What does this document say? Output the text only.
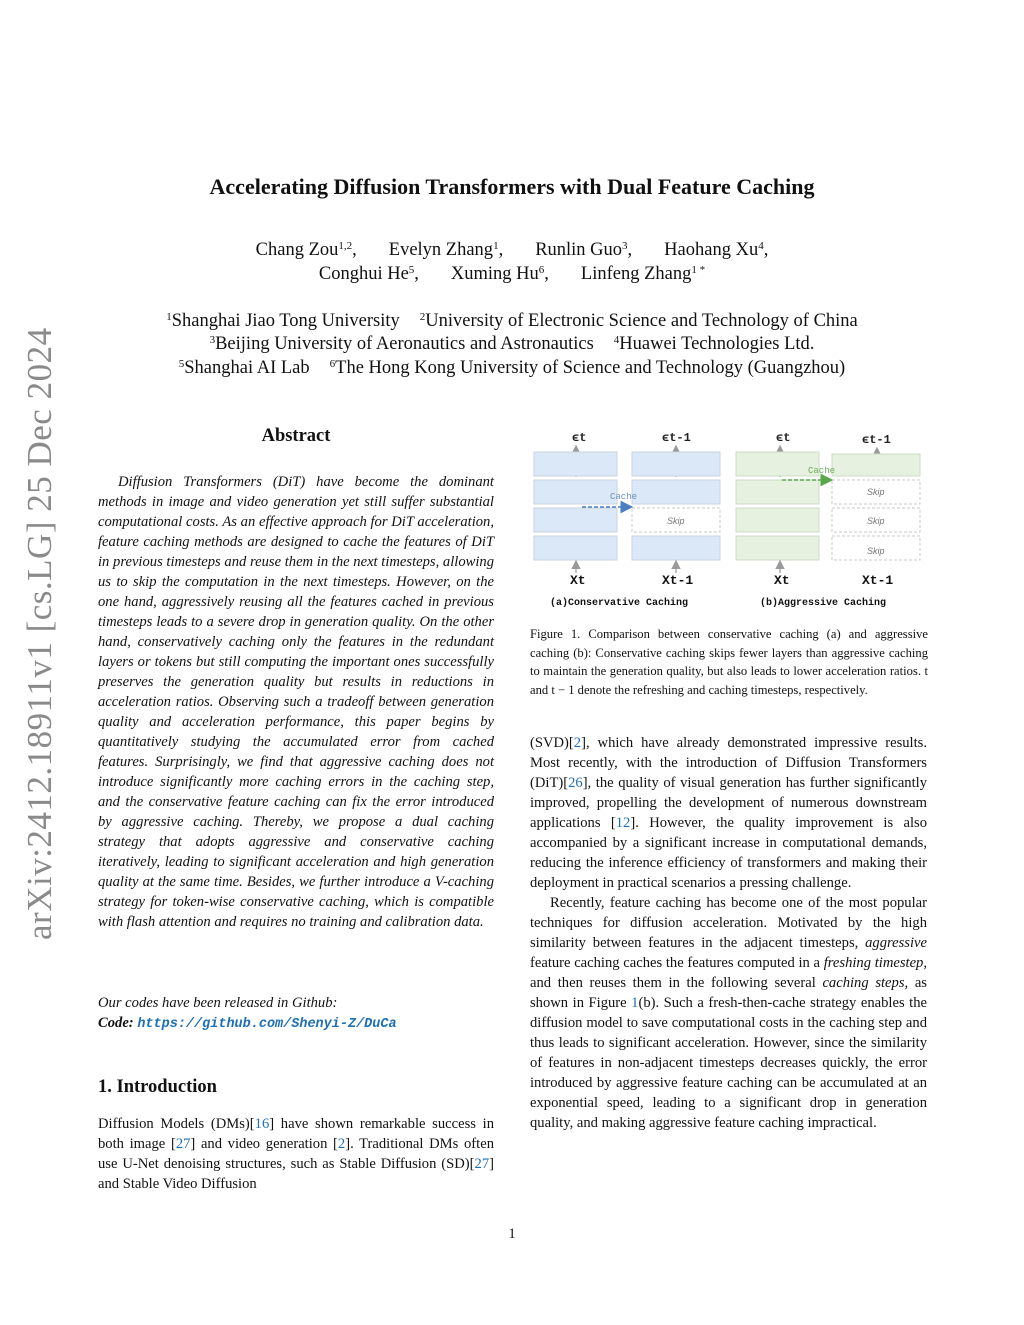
arXiv:2412.18911v1 [cs.LG] 25 Dec 2024
Accelerating Diffusion Transformers with Dual Feature Caching
Chang Zou$^{1,2}$, Evelyn Zhang$^1$, Runlin Guo$^3$, Haohang Xu$^4$,
Conghui He$^5$, Xuming Hu$^6$, Linfeng Zhang$^{1 *}$
$^1$Shanghai Jiao Tong University $^2$University of Electronic Science and Technology of China
$^3$Beijing University of Aeronautics and Astronautics $^4$Huawei Technologies Ltd.
$^5$Shanghai AI Lab $^6$The Hong Kong University of Science and Technology (Guangzhou)
Abstract

Diffusion Transformers (DiT) have become the dominant methods in image and video generation yet still suffer substantial computational costs. As an effective approach for DiT acceleration, feature caching methods are designed to cache the features of DiT in previous timesteps and reuse them in the next timesteps, allowing us to skip the computation in the next timesteps. However, on the one hand, aggressively reusing all the features cached in previous timesteps leads to a severe drop in generation quality. On the other hand, conservatively caching only the features in the redundant layers or tokens but still computing the important ones successfully preserves the generation quality but results in reductions in acceleration ratios. Observing such a tradeoff between generation quality and acceleration performance, this paper begins by quantitatively studying the accumulated error from cached features. Surprisingly, we find that aggressive caching does not introduce significantly more caching errors in the caching step, and the conservative feature caching can fix the error introduced by aggressive caching. Thereby, we propose a dual caching strategy that adopts aggressive and conservative caching iteratively, leading to significant acceleration and high generation quality at the same time. Besides, we further introduce a V-caching strategy for token-wise conservative caching, which is compatible with flash attention and requires no training and calibration data.

Our codes have been released in Github:
Code: https://github.com/Shenyi-Z/DuCa
1. Introduction

Diffusion Models (DMs)[16] have shown remarkable success in both image [27] and video generation [2]. Traditional DMs often use U-Net denoising structures, such as Stable Diffusion (SD)[27] and Stable Video Diffusion

ϵt	ϵt-1
Skip
Cache
Xt	Xt-1
(a)Conservative Caching
ϵt	ϵt-1
Skip
Skip
Skip
Cache
Xt	Xt-1
(b)Aggressive Caching
Figure 1. Comparison between conservative caching (a) and aggressive caching (b): Conservative caching skips fewer layers than aggressive caching to maintain the generation quality, but also leads to lower acceleration ratios. t and t − 1 denote the refreshing and caching timesteps, respectively.

(SVD)[2], which have already demonstrated impressive results. Most recently, with the introduction of Diffusion Transformers (DiT)[26], the quality of visual generation has further significantly improved, propelling the development of numerous downstream applications [12]. However, the quality improvement is also accompanied by a significant increase in computational demands, reducing the inference efficiency of transformers and making their deployment in practical scenarios a pressing challenge.

Recently, feature caching has become one of the most popular techniques for diffusion acceleration. Motivated by the high similarity between features in the adjacent timesteps, aggressive feature caching caches the features computed in a freshing timestep, and then reuses them in the following several caching steps, as shown in Figure 1(b). Such a fresh-then-cache strategy enables the diffusion model to save computational costs in the caching step and thus leads to significant acceleration. However, since the similarity of features in non-adjacent timesteps decreases quickly, the error introduced by aggressive feature caching can be accumulated at an exponential speed, leading to a significant drop in generation quality, and making aggressive feature caching impractical.

1
